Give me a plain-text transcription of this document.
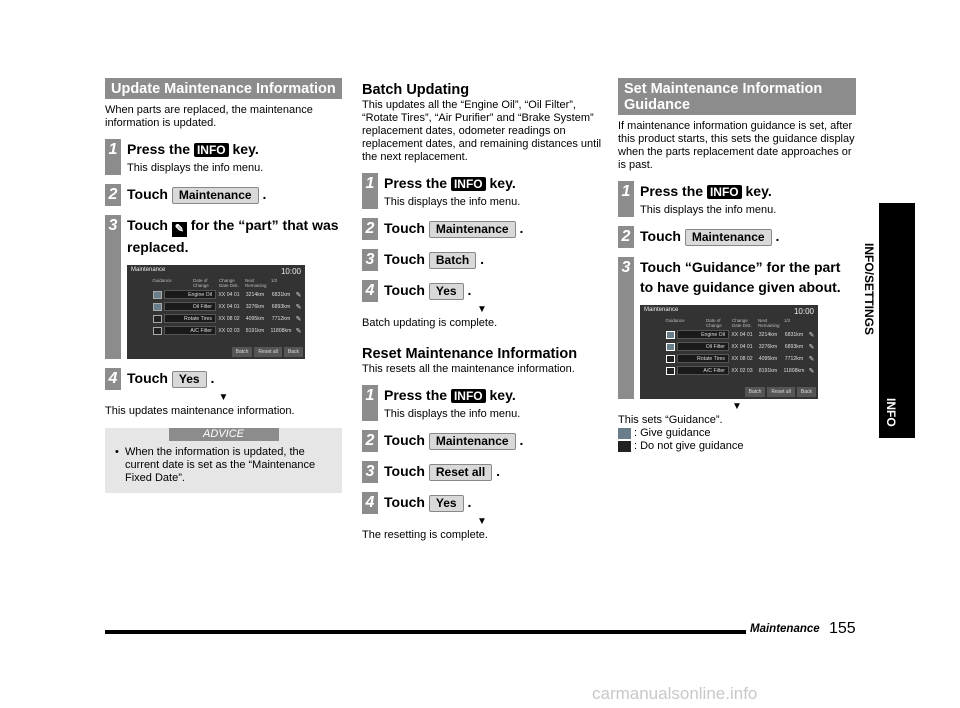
Update Maintenance Information
When parts are replaced, the maintenance information is updated.
1 Press the INFO key.
This displays the info menu.
2 Touch Maintenance .
3 Touch ✎ for the “part” that was replaced.
Maintenance	10:00
Guidance	Date of Change
Change Date Dist.
Next Remaining
1/2
Engine Oil	XX 04 01	3214km	6831km ✎
Oil Filter	XX 04 01	3276km	6893km ✎
Rotate Tires	XX 08 02	4095km	7712km ✎
A/C Filter	XX 02 03	8191km	11808km ✎
Batch	Reset all	Back
4 Touch Yes .
▼
This updates maintenance information.
ADVICE
• When the information is updated, the current date is set as the “Maintenance Fixed Date”.
Batch Updating
This updates all the “Engine Oil”, “Oil Filter”, “Rotate Tires”, “Air Purifier” and “Brake System” replacement dates, odometer readings on replacement dates, and remaining distances until the next replacement.
1 Press the INFO key.
This displays the info menu.
2 Touch Maintenance .
3 Touch Batch .
4 Touch Yes .
▼
Batch updating is complete.
Reset Maintenance Information
This resets all the maintenance information.
1 Press the INFO key.
This displays the info menu.
2 Touch Maintenance .
3 Touch Reset all .
4 Touch Yes .
▼
The resetting is complete.
Set Maintenance Information Guidance
If maintenance information guidance is set, after this product starts, this sets the guidance display when the parts replacement date approaches or is past.
1 Press the INFO key.
This displays the info menu.
2 Touch Maintenance .
3 Touch “Guidance” for the part to have guidance given about.
Maintenance	10:00
Guidance	Date of Change
Change Date Dist.
Next Remaining
1/2
Engine Oil	XX 04 01	3214km	6831km ✎
Oil Filter	XX 04 01	3276km	6893km ✎
Rotate Tires	XX 08 02	4095km	7712km ✎
A/C Filter	XX 02 03	8191km	11808km ✎
Batch	Reset all	Back
▼
This sets “Guidance”.
: Give guidance
: Do not give guidance
INFO/SETTINGS
INFO
Maintenance 155
carmanualsonline.info
